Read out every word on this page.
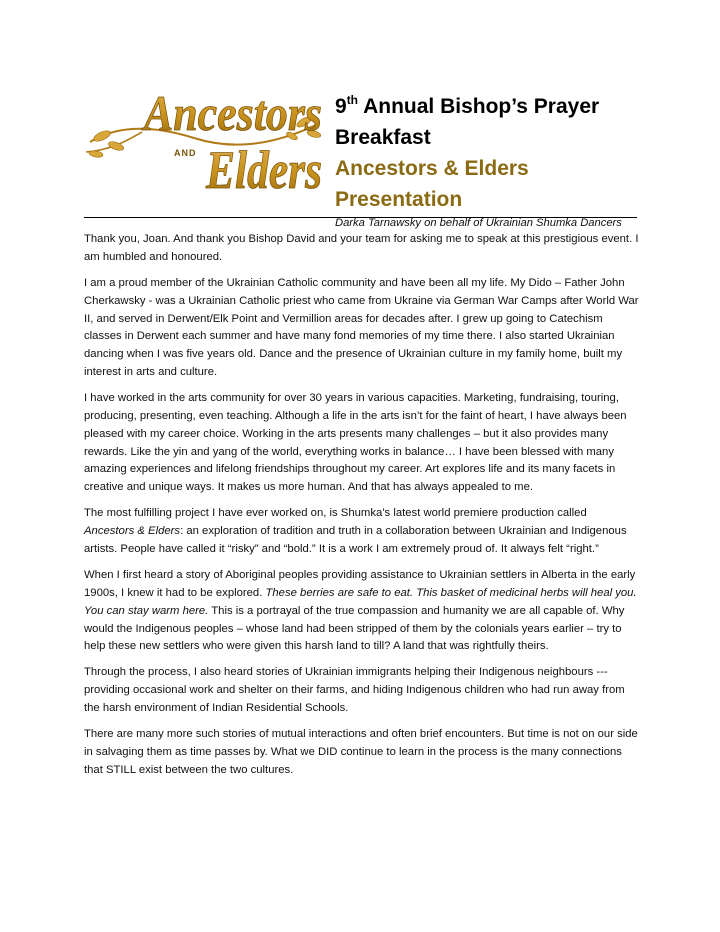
Ancestors
AND Elders
9th Annual Bishop’s Prayer
Breakfast
Ancestors & Elders
Presentation
Darka Tarnawsky on behalf of Ukrainian Shumka Dancers

Thank you, Joan. And thank you Bishop David and your team for asking me to speak at this prestigious event. I am humbled and honoured.

I am a proud member of the Ukrainian Catholic community and have been all my life. My Dido – Father John Cherkawsky - was a Ukrainian Catholic priest who came from Ukraine via German War Camps after World War II, and served in Derwent/Elk Point and Vermillion areas for decades after. I grew up going to Catechism classes in Derwent each summer and have many fond memories of my time there. I also started Ukrainian dancing when I was five years old. Dance and the presence of Ukrainian culture in my family home, built my interest in arts and culture.

I have worked in the arts community for over 30 years in various capacities. Marketing, fundraising, touring, producing, presenting, even teaching. Although a life in the arts isn’t for the faint of heart, I have always been pleased with my career choice. Working in the arts presents many challenges – but it also provides many rewards. Like the yin and yang of the world, everything works in balance… I have been blessed with many amazing experiences and lifelong friendships throughout my career. Art explores life and its many facets in creative and unique ways. It makes us more human. And that has always appealed to me.

The most fulfilling project I have ever worked on, is Shumka’s latest world premiere production called Ancestors & Elders: an exploration of tradition and truth in a collaboration between Ukrainian and Indigenous artists. People have called it “risky” and “bold.” It is a work I am extremely proud of. It always felt “right.”

When I first heard a story of Aboriginal peoples providing assistance to Ukrainian settlers in Alberta in the early 1900s, I knew it had to be explored. These berries are safe to eat. This basket of medicinal herbs will heal you. You can stay warm here. This is a portrayal of the true compassion and humanity we are all capable of. Why would the Indigenous peoples – whose land had been stripped of them by the colonials years earlier – try to help these new settlers who were given this harsh land to till? A land that was rightfully theirs.

Through the process, I also heard stories of Ukrainian immigrants helping their Indigenous neighbours --- providing occasional work and shelter on their farms, and hiding Indigenous children who had run away from the harsh environment of Indian Residential Schools.

There are many more such stories of mutual interactions and often brief encounters. But time is not on our side in salvaging them as time passes by. What we DID continue to learn in the process is the many connections that STILL exist between the two cultures.
